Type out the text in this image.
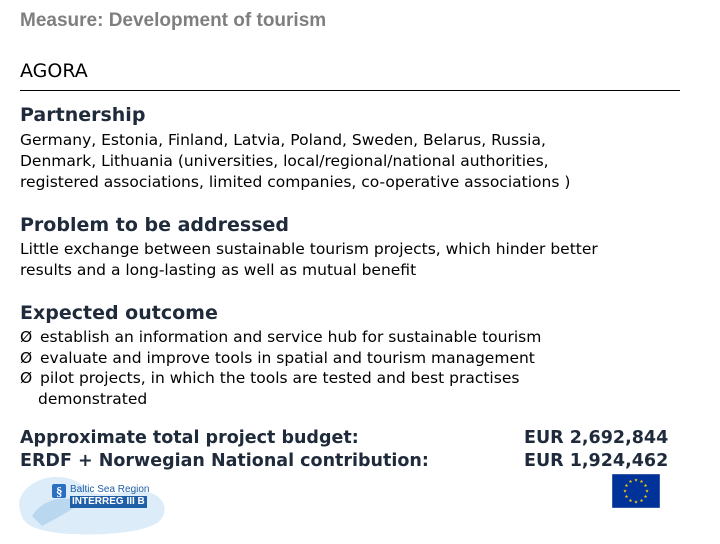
Measure: Development of tourism
AGORA
Partnership
Germany, Estonia, Finland, Latvia, Poland, Sweden, Belarus, Russia,
Denmark, Lithuania (universities, local/regional/national authorities,
registered associations, limited companies, co-operative associations )
Problem to be addressed
Little exchange between sustainable tourism projects, which hinder better
results and a long-lasting as well as mutual benefit
Expected outcome
Ø establish an information and service hub for sustainable tourism
Ø evaluate and improve tools in spatial and tourism management
Ø pilot projects, in which the tools are tested and best practises
demonstrated
Approximate total project budget:	EUR 2,692,844
ERDF + Norwegian National contribution:	EUR 1,924,462
§ Baltic Sea Region
INTERREG III B
